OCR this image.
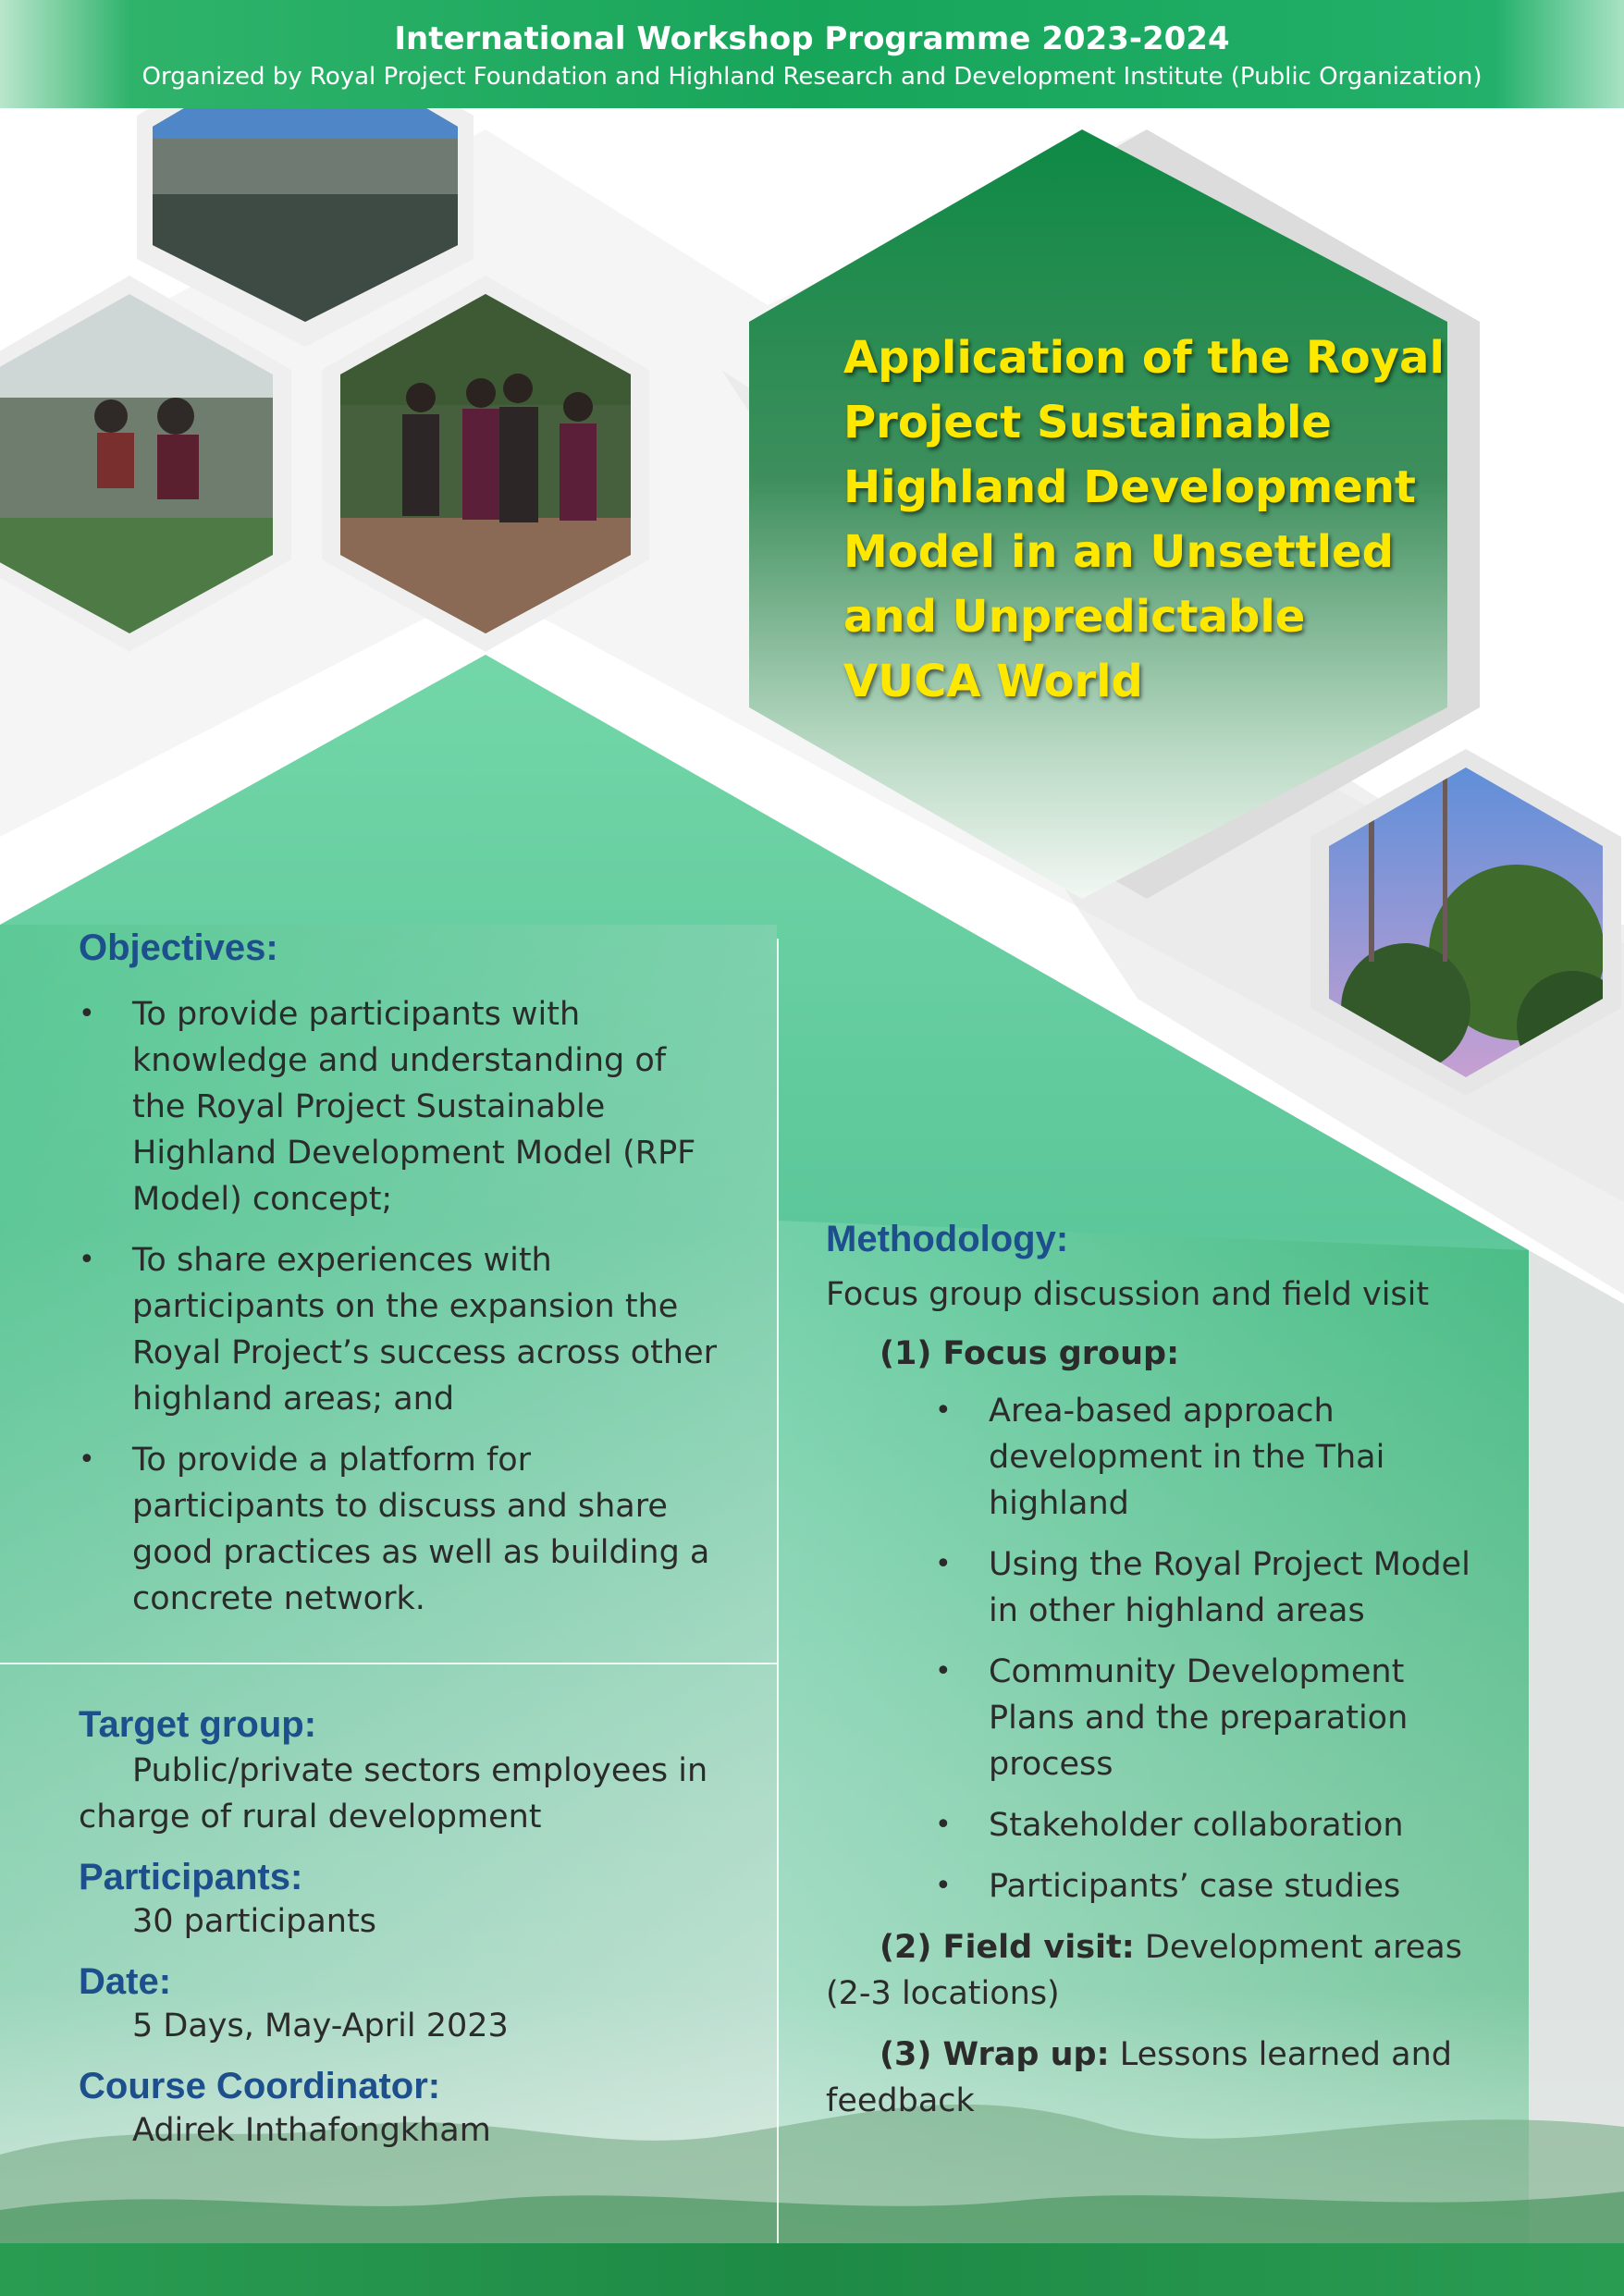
International Workshop Programme 2023-2024
Organized by Royal Project Foundation and Highland Research and Development Institute (Public Organization)
Application of the Royal
Project Sustainable
Highland Development
Model in an Unsettled
and Unpredictable
VUCA World
Objectives:
• To provide participants with
knowledge and understanding of
the Royal Project Sustainable
Highland Development Model (RPF
Model) concept;
• To share experiences with
participants on the expansion the
Royal Project’s success across other
highland areas; and
• To provide a platform for
participants to discuss and share
good practices as well as building a
concrete network.
Target group:
Public/private sectors employees in
charge of rural development
Participants:
30 participants
Date:
5 Days, May-April 2023
Course Coordinator:
Adirek Inthafongkham
Methodology:
Focus group discussion and field visit
(1) Focus group:
• Area-based approach
development in the Thai
highland
• Using the Royal Project Model
in other highland areas
• Community Development
Plans and the preparation
process
• Stakeholder collaboration
• Participants’ case studies
(2) Field visit: Development areas
(2-3 locations)
(3) Wrap up: Lessons learned and
feedback
